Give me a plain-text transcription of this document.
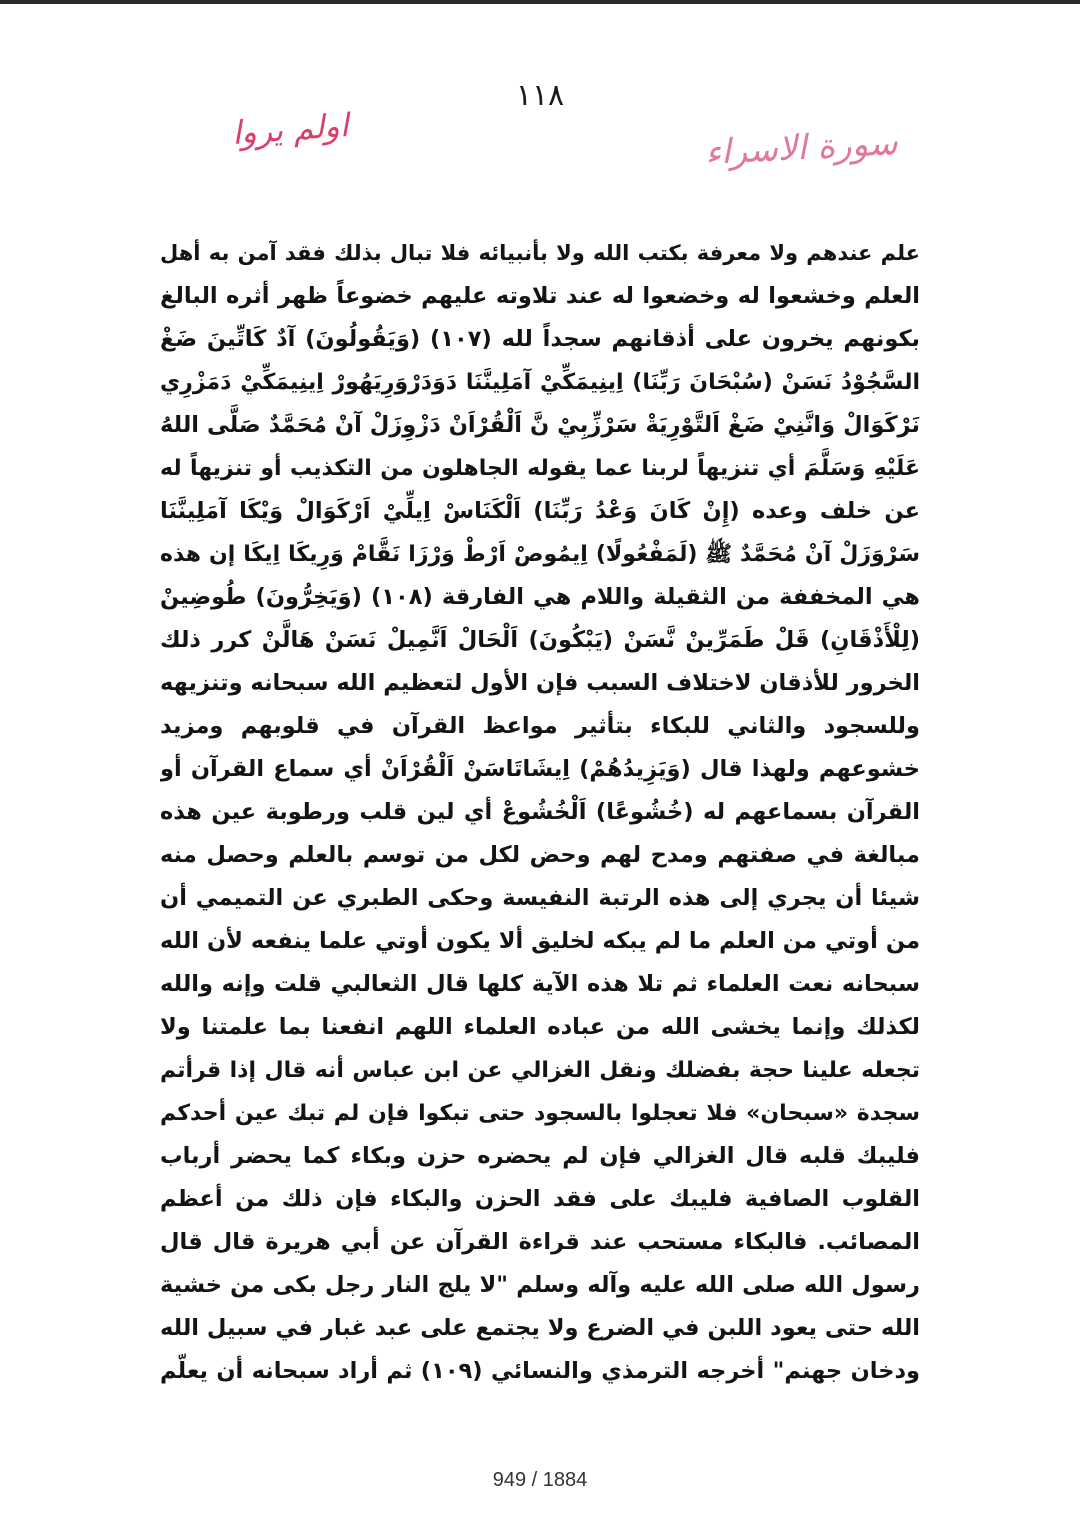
١١٨
اولم يروا	سورة الاسراء
علم عندهم ولا معرفة بكتب الله ولا بأنبيائه فلا تبال بذلك فقد آمن به أهل
العلم وخشعوا له وخضعوا له عند تلاوته عليهم خضوعاً ظهر أثره البالغ
بكونهم يخرون على أذقانهم سجداً لله (١٠٧) (وَيَقُولُونَ) آدٌ كَاتِّينَ ضَغْ
السَّجُوْدُ نَسَنْ (سُبْحَانَ رَبِّنَا) اِينِيمَكِّيْ آمَلِينَّنَا دَوَدَرْوَرِيَهُورْ اِينِيمَكِّيْ دَمَزْرِي
نَرْكَوَالْ وَانَّنِيْ ضَغْ اَلتَّوْرِيَةْ سَرْزِّبِيْ نَّ اَلْقُرْاَنْ دَزْوِزَلْ آنْ مُحَمَّدٌ صَلَّى اللهُ
عَلَيْهِ وَسَلَّمَ أي تنزيهاً لربنا عما يقوله الجاهلون من التكذيب أو تنزيهاً له
عن خلف وعده (إِنْ كَانَ وَعْدُ رَبِّنَا) اَلْكَنَاسْ اِيلِّيْ اَرْكَوَالْ وَيْكَا آمَلِينَّنَا
سَرْوَزَلْ آنْ مُحَمَّدٌ ﷺ (لَمَفْعُولًا) اِيمُوصْ اَرْطْ وَرْزَا نَقَّامْ وَرِيكَا اِيكَا إن هذه
هي المخففة من الثقيلة واللام هي الفارقة (١٠٨) (وَيَخِرُّونَ) طُوضِينْ
(لِلْأَذْقَانِ) قَلْ طَمَرِّينْ نَّسَنْ (يَبْكُونَ) اَلْحَالْ اَنَّمِيلْ نَسَنْ هَالَّنْ كرر ذلك
الخرور للأذقان لاختلاف السبب فإن الأول لتعظيم الله سبحانه وتنزيهه
وللسجود والثاني للبكاء بتأثير مواعظ القرآن في قلوبهم ومزيد
خشوعهم ولهذا قال (وَيَزِيدُهُمْ) اِيشَاتَاسَنْ اَلْقُرْاَنْ أي سماع القرآن أو
القرآن بسماعهم له (خُشُوعًا) اَلْخُشُوعْ أي لين قلب ورطوبة عين هذه
مبالغة في صفتهم ومدح لهم وحض لكل من توسم بالعلم وحصل منه
شيئا أن يجري إلى هذه الرتبة النفيسة وحكى الطبري عن التميمي أن
من أوتي من العلم ما لم يبكه لخليق ألا يكون أوتي علما ينفعه لأن الله
سبحانه نعت العلماء ثم تلا هذه الآية كلها قال الثعالبي قلت وإنه والله
لكذلك وإنما يخشى الله من عباده العلماء اللهم انفعنا بما علمتنا ولا
تجعله علينا حجة بفضلك ونقل الغزالي عن ابن عباس أنه قال إذا قرأتم
سجدة «سبحان» فلا تعجلوا بالسجود حتى تبكوا فإن لم تبك عين أحدكم
فليبك قلبه قال الغزالي فإن لم يحضره حزن وبكاء كما يحضر أرباب
القلوب الصافية فليبك على فقد الحزن والبكاء فإن ذلك من أعظم
المصائب. فالبكاء مستحب عند قراءة القرآن عن أبي هريرة قال قال
رسول الله صلى الله عليه وآله وسلم "لا يلج النار رجل بكى من خشية
الله حتى يعود اللبن في الضرع ولا يجتمع على عبد غبار في سبيل الله
ودخان جهنم" أخرجه الترمذي والنسائي (١٠٩) ثم أراد سبحانه أن يعلّم
949 / 1884
